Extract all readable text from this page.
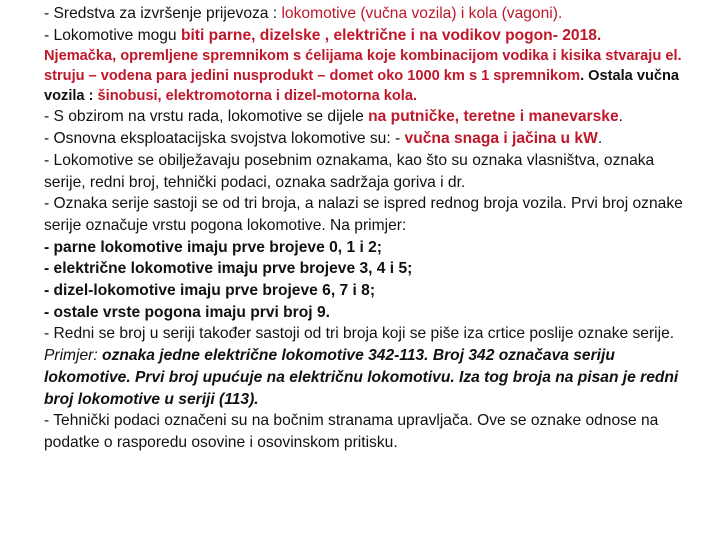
- Sredstva za izvršenje prijevoza : lokomotive (vučna vozila) i kola (vagoni).

- Lokomotive mogu biti parne, dizelske , električne i na vodikov pogon- 2018.

Njemačka, opremljene spremnikom s ćelijama koje kombinacijom vodika i kisika stvaraju el. struju – vodena para jedini nusprodukt – domet oko 1000 km s 1 spremnikom. Ostala vučna vozila : šinobusi, elektromotorna i dizel-motorna kola.

- S obzirom na vrstu rada, lokomotive se dijele na putničke, teretne i manevarske.

- Osnovna eksploatacijska svojstva lokomotive su: - vučna snaga i jačina u kW.

- Lokomotive se obilježavaju posebnim oznakama, kao što su oznaka vlasništva, oznaka serije, redni broj, tehnički podaci, oznaka sadržaja goriva i dr.

- Oznaka serije sastoji se od tri broja, a nalazi se ispred rednog broja vozila. Prvi broj oznake serije označuje vrstu pogona lokomotive. Na primjer:

- parne lokomotive imaju prve brojeve 0, 1 i 2;

- električne lokomotive imaju prve brojeve 3, 4 i 5;

- dizel-lokomotive imaju prve brojeve 6, 7 i 8;

- ostale vrste pogona imaju prvi broj 9.

- Redni se broj u seriji također sastoji od tri broja koji se piše iza crtice poslije oznake serije.

Primjer: oznaka jedne električne lokomotive 342-113. Broj 342 označava seriju lokomotive. Prvi broj upućuje na električnu lokomotivu. Iza tog broja na pisan je redni broj lokomotive u seriji (113).

- Tehnički podaci označeni su na bočnim stranama upravljača. Ove se oznake odnose na podatke o rasporedu osovine i osovinskom pritisku.
